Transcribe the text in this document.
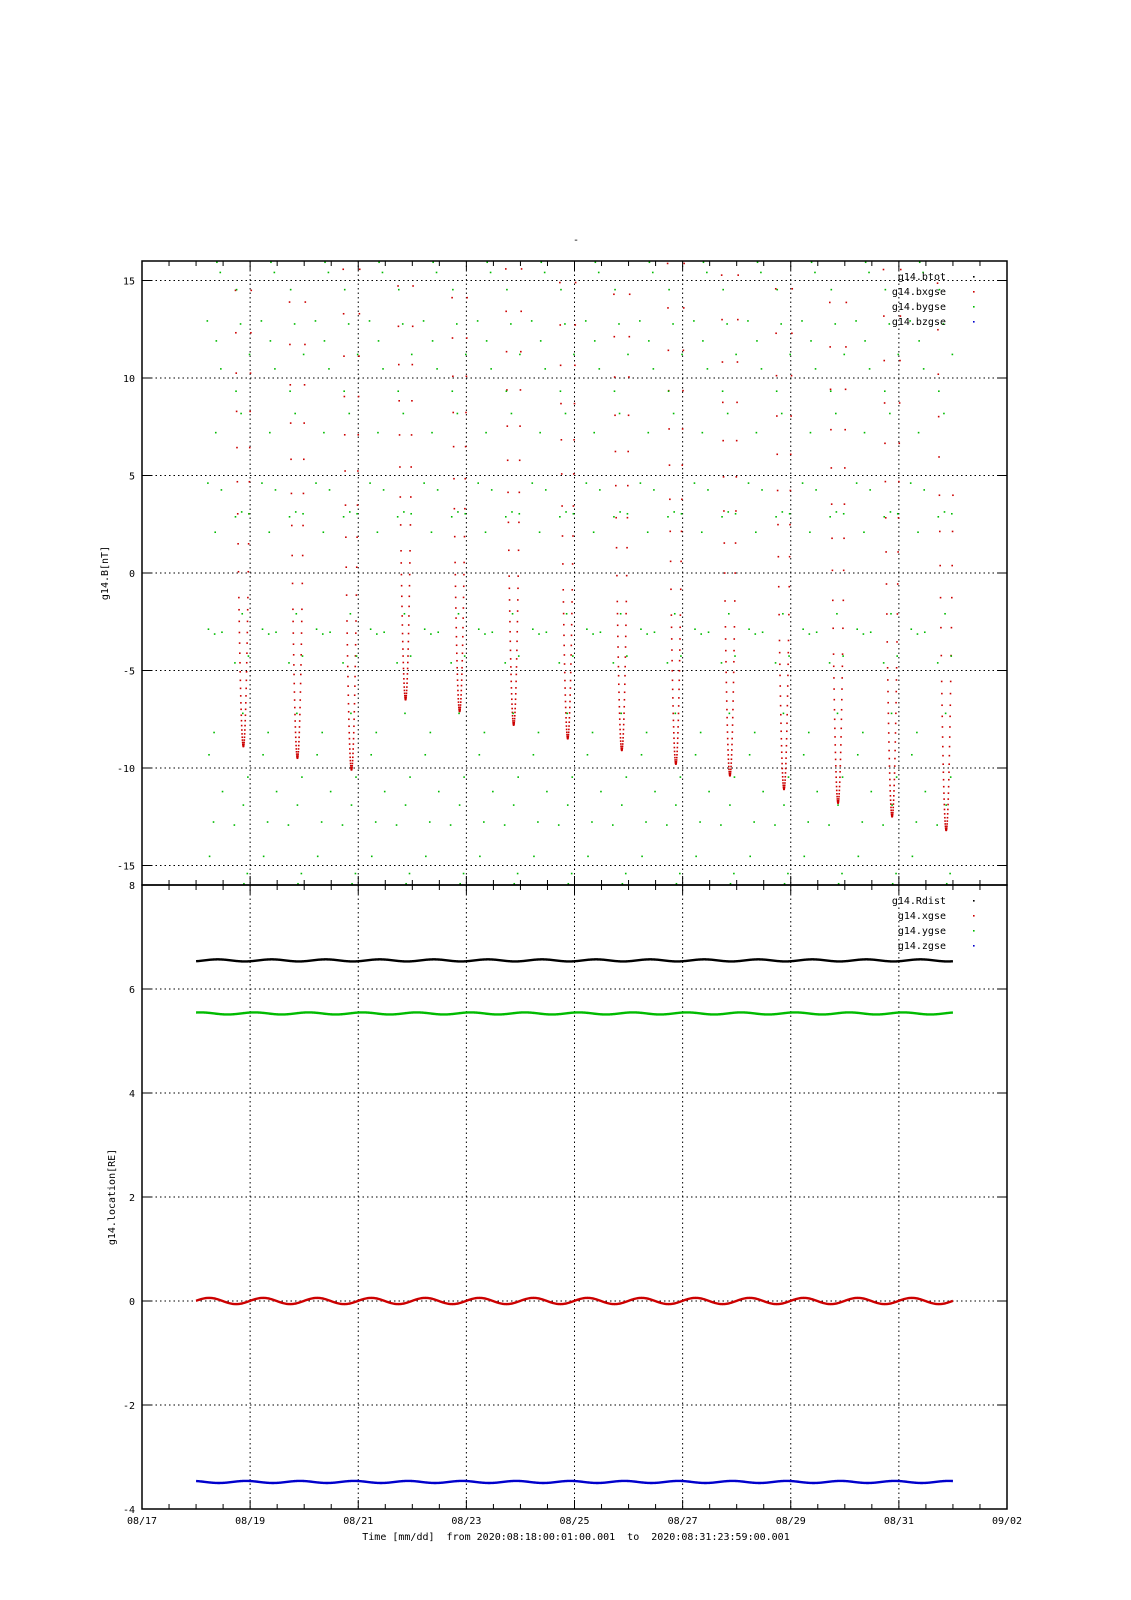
-
-15
-10
-5
0
5
10
15
g14.B[nT]
g14.btot
g14.bxgse
g14.bygse
g14.bzgse
-4
-2
0
2
4
6
8
g14.location[RE]
g14.Rdist
g14.xgse
g14.ygse
g14.zgse
08/17	08/19	08/21	08/23	08/25	08/27	08/29	08/31	09/02
Time [mm/dd]  from 2020:08:18:00:01:00.001  to  2020:08:31:23:59:00.001
